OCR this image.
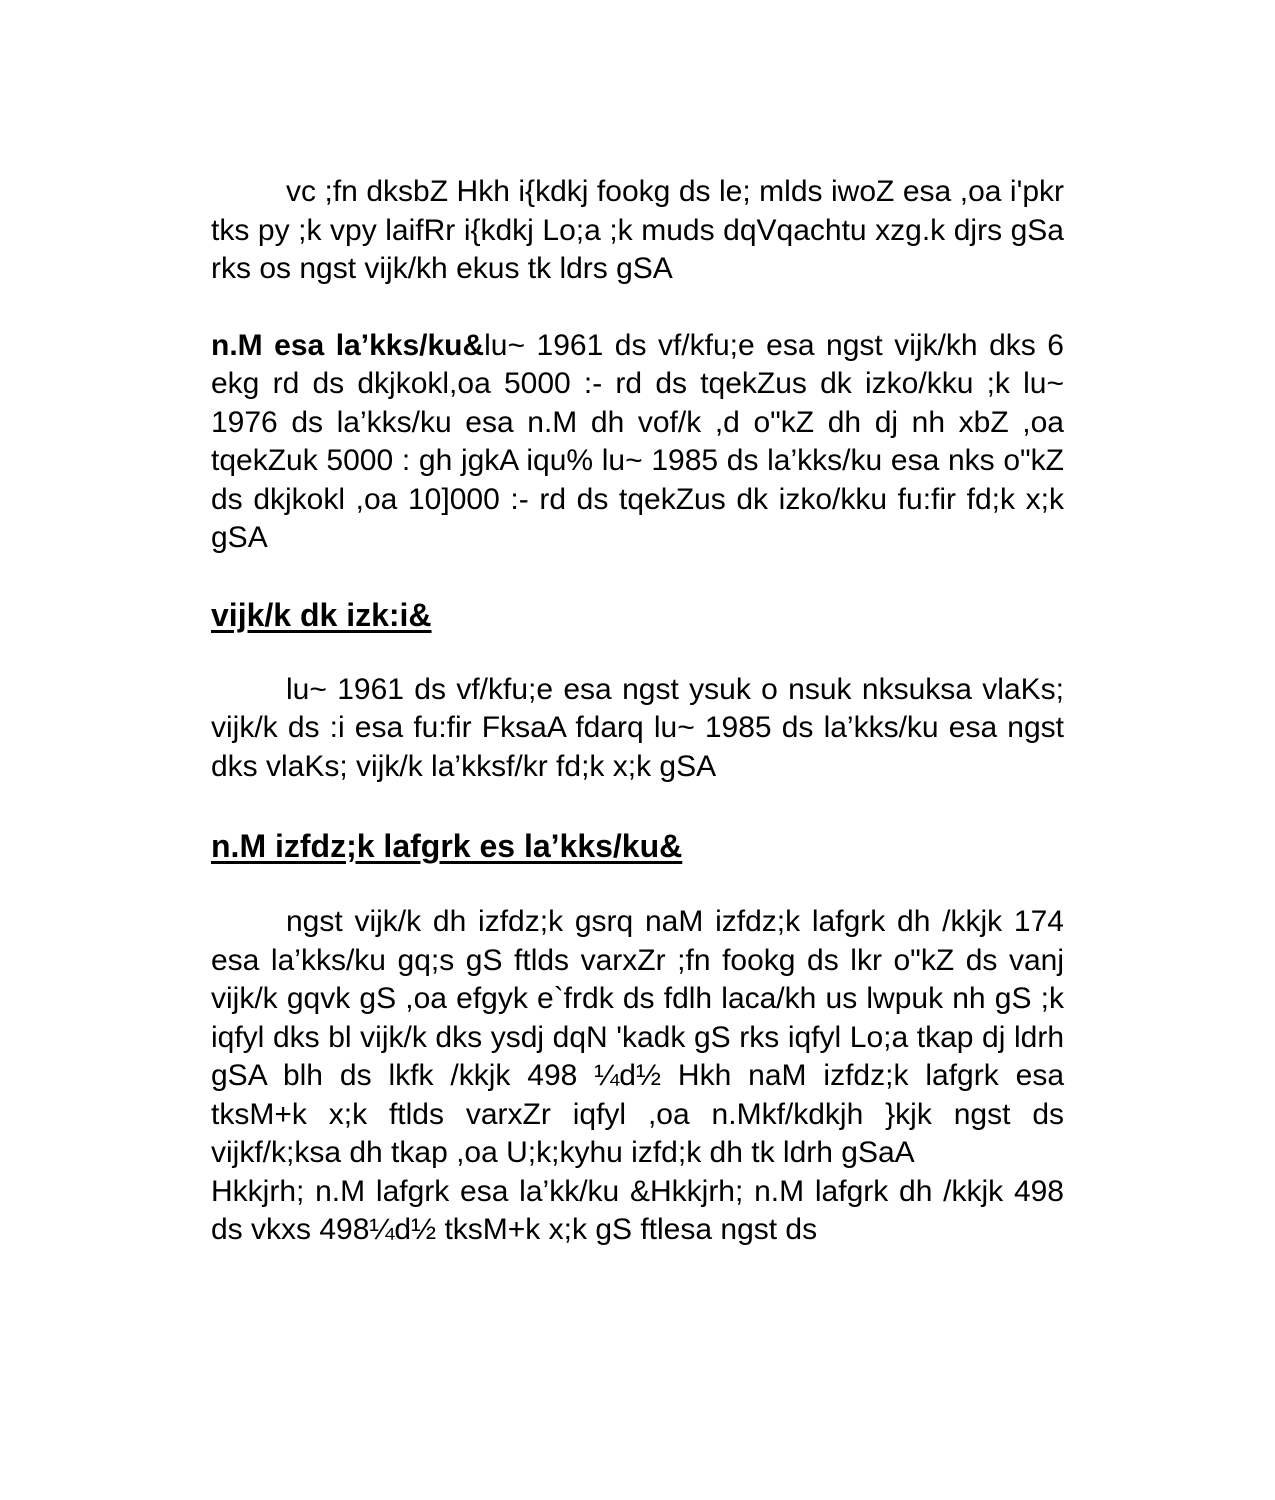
vc ;fn dksbZ Hkh i{kdkj fookg ds le; mlds iwoZ esa ,oa i'pkr tks py ;k vpy laifRr i{kdkj Lo;a ;k muds dqVqachtu xzg.k djrs gSa rks os ngst vijk/kh ekus tk ldrs gSA

n.M esa la’kks/ku&lu~ 1961 ds vf/kfu;e esa ngst vijk/kh dks 6 ekg rd ds dkjkokl,oa 5000 :- rd ds tqekZus dk izko/kku ;k lu~ 1976 ds la’kks/ku esa n.M dh vof/k ,d o"kZ dh dj nh xbZ ,oa tqekZuk 5000 : gh jgkA iqu% lu~ 1985 ds la’kks/ku esa nks o"kZ ds dkjkokl ,oa 10]000 :- rd ds tqekZus dk izko/kku fu:fir fd;k x;k gSA

vijk/k dk izk:i&

lu~ 1961 ds vf/kfu;e esa ngst ysuk o nsuk nksuksa vlaKs; vijk/k ds :i esa fu:fir FksaA fdarq lu~ 1985 ds la’kks/ku esa ngst dks vlaKs; vijk/k la’kksf/kr fd;k x;k gSA

n.M izfdz;k lafgrk es la’kks/ku&

ngst vijk/k dh izfdz;k gsrq naM izfdz;k lafgrk dh /kkjk 174 esa la’kks/ku gq;s gS ftlds varxZr ;fn fookg ds lkr o"kZ ds vanj vijk/k gqvk gS ,oa efgyk e`frdk ds fdlh laca/kh us lwpuk nh gS ;k iqfyl dks bl vijk/k dks ysdj dqN 'kadk gS rks iqfyl Lo;a tkap dj ldrh gSA blh ds lkfk /kkjk 498 ¼d½ Hkh naM izfdz;k lafgrk esa tksM+k x;k ftlds varxZr iqfyl ,oa n.Mkf/kdkjh }kjk ngst ds vijkf/k;ksa dh tkap ,oa U;k;kyhu izfd;k dh tk ldrh gSaA

Hkkjrh; n.M lafgrk esa la’kk/ku &Hkkjrh; n.M lafgrk dh /kkjk 498 ds vkxs 498¼d½ tksM+k x;k gS ftlesa ngst ds
